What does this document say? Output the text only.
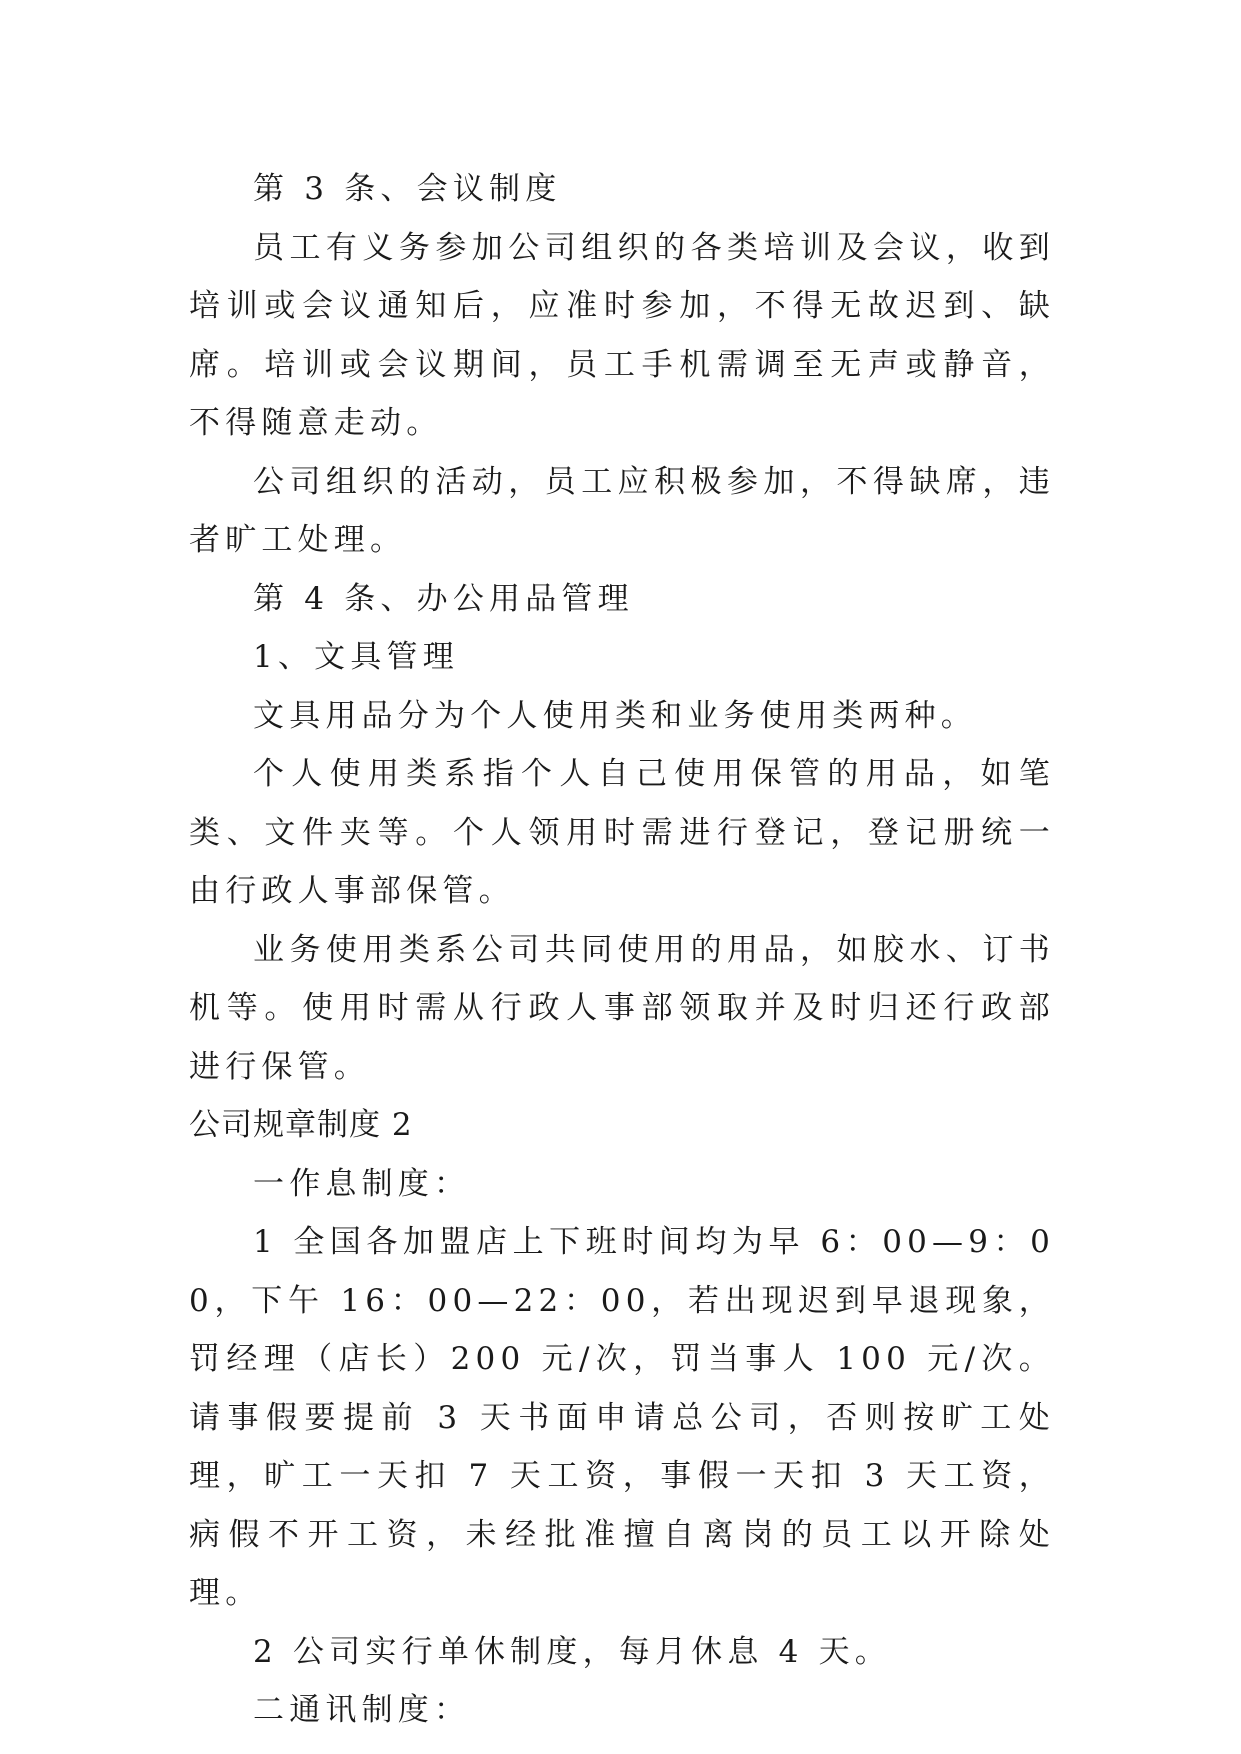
第 3 条、会议制度

员工有义务参加公司组织的各类培训及会议，收到培训或会议通知后，应准时参加，不得无故迟到、缺席。培训或会议期间，员工手机需调至无声或静音，不得随意走动。

公司组织的活动，员工应积极参加，不得缺席，违者旷工处理。

第 4 条、办公用品管理

1、文具管理

文具用品分为个人使用类和业务使用类两种。

个人使用类系指个人自己使用保管的用品，如笔类、文件夹等。个人领用时需进行登记，登记册统一由行政人事部保管。

业务使用类系公司共同使用的用品，如胶水、订书机等。使用时需从行政人事部领取并及时归还行政部进行保管。

公司规章制度 2

一作息制度：

1 全国各加盟店上下班时间均为早 6：00—9：00，下午 16：00—22：00，若出现迟到早退现象，罚经理（店长）200 元/次，罚当事人 100 元/次。请事假要提前 3 天书面申请总公司，否则按旷工处理，旷工一天扣 7 天工资，事假一天扣 3 天工资，病假不开工资，未经批准擅自离岗的员工以开除处理。

2 公司实行单休制度，每月休息 4 天。

二通讯制度：
